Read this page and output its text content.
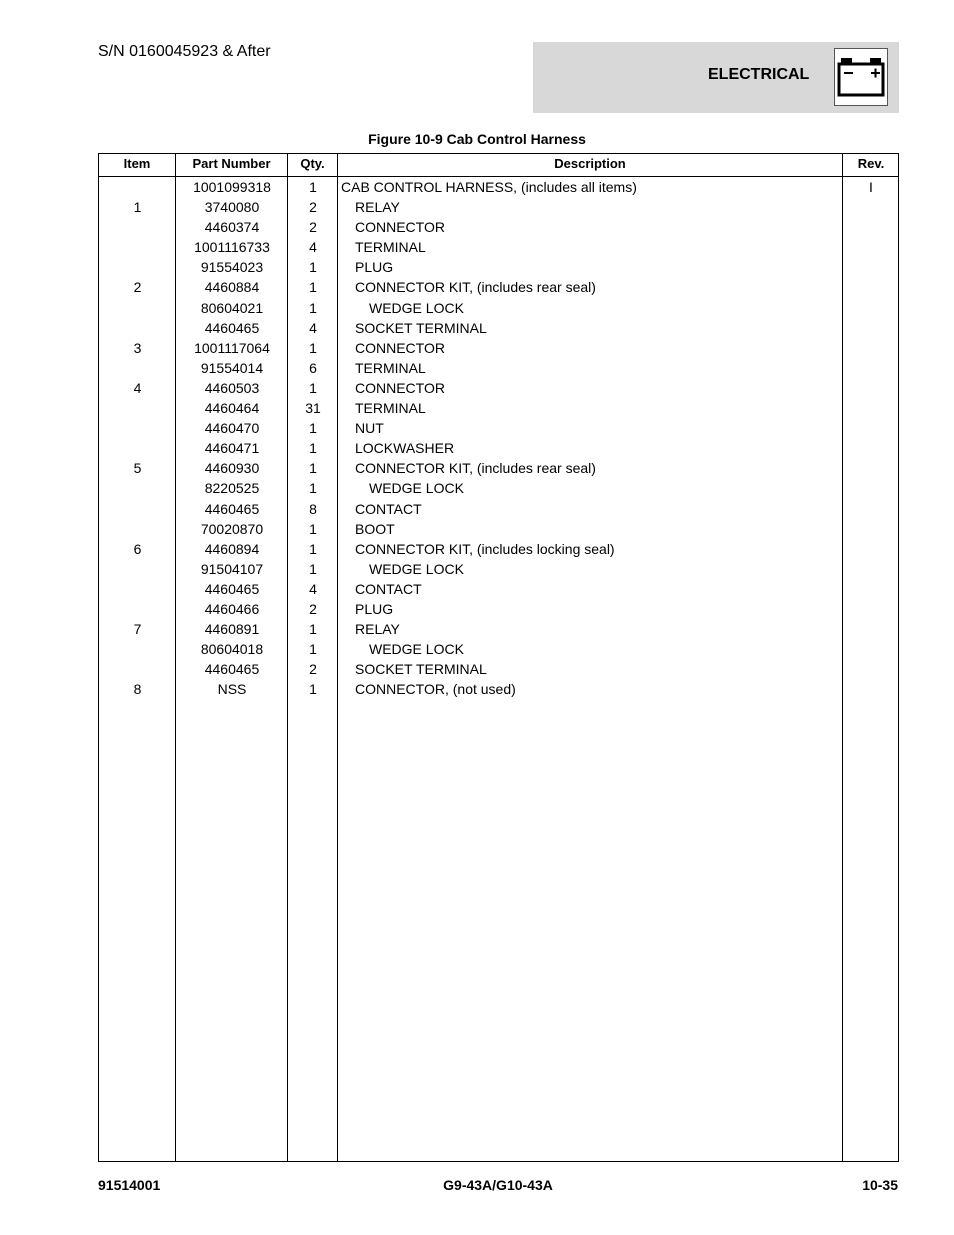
S/N 0160045923 & After
ELECTRICAL
Figure 10-9 Cab Control Harness
Item	Part Number	Qty.	Description	Rev.
1001099318	1	CAB CONTROL HARNESS, (includes all items)	I
1	3740080	2	RELAY
4460374	2	CONNECTOR
1001116733	4	TERMINAL
91554023	1	PLUG
2	4460884	1	CONNECTOR KIT, (includes rear seal)
80604021	1	WEDGE LOCK
4460465	4	SOCKET TERMINAL
3	1001117064	1	CONNECTOR
91554014	6	TERMINAL
4	4460503	1	CONNECTOR
4460464	31	TERMINAL
4460470	1	NUT
4460471	1	LOCKWASHER
5	4460930	1	CONNECTOR KIT, (includes rear seal)
8220525	1	WEDGE LOCK
4460465	8	CONTACT
70020870	1	BOOT
6	4460894	1	CONNECTOR KIT, (includes locking seal)
91504107	1	WEDGE LOCK
4460465	4	CONTACT
4460466	2	PLUG
7	4460891	1	RELAY
80604018	1	WEDGE LOCK
4460465	2	SOCKET TERMINAL
8	NSS	1	CONNECTOR, (not used)
91514001	G9-43A/G10-43A	10-35
